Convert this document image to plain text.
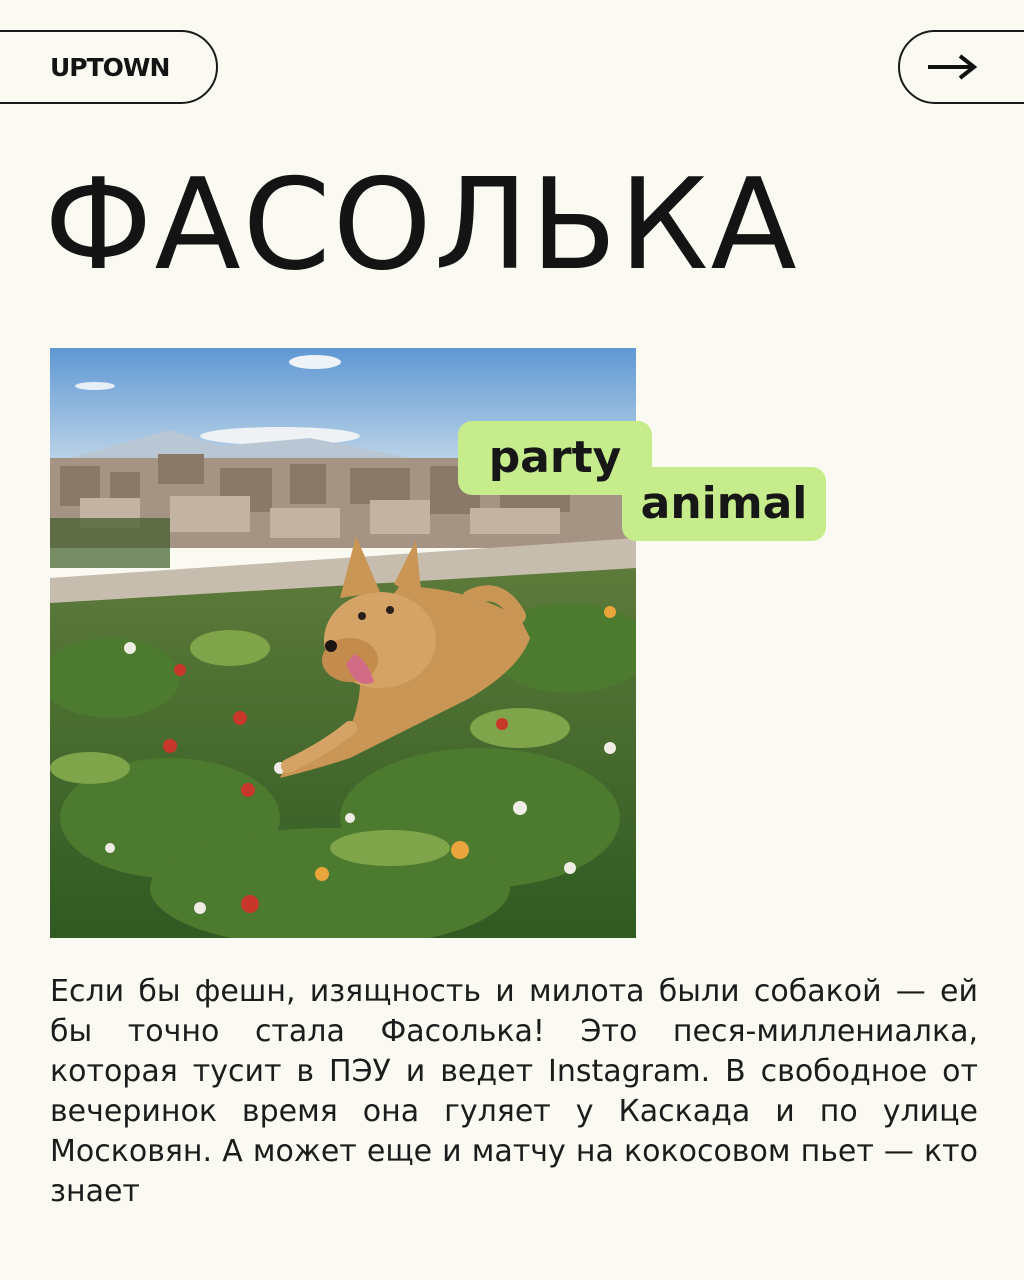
UPTOWN
ФАСОЛЬКА
party
animal

Если бы фешн, изящность и милота были собакой — ей бы точно стала Фасолька! Это песя-миллениалка, которая тусит в ПЭУ и ведет Instagram. В свободное от вечеринок время она гуляет у Каскада и по улице Московян. А может еще и матчу на кокосовом пьет — кто знает
